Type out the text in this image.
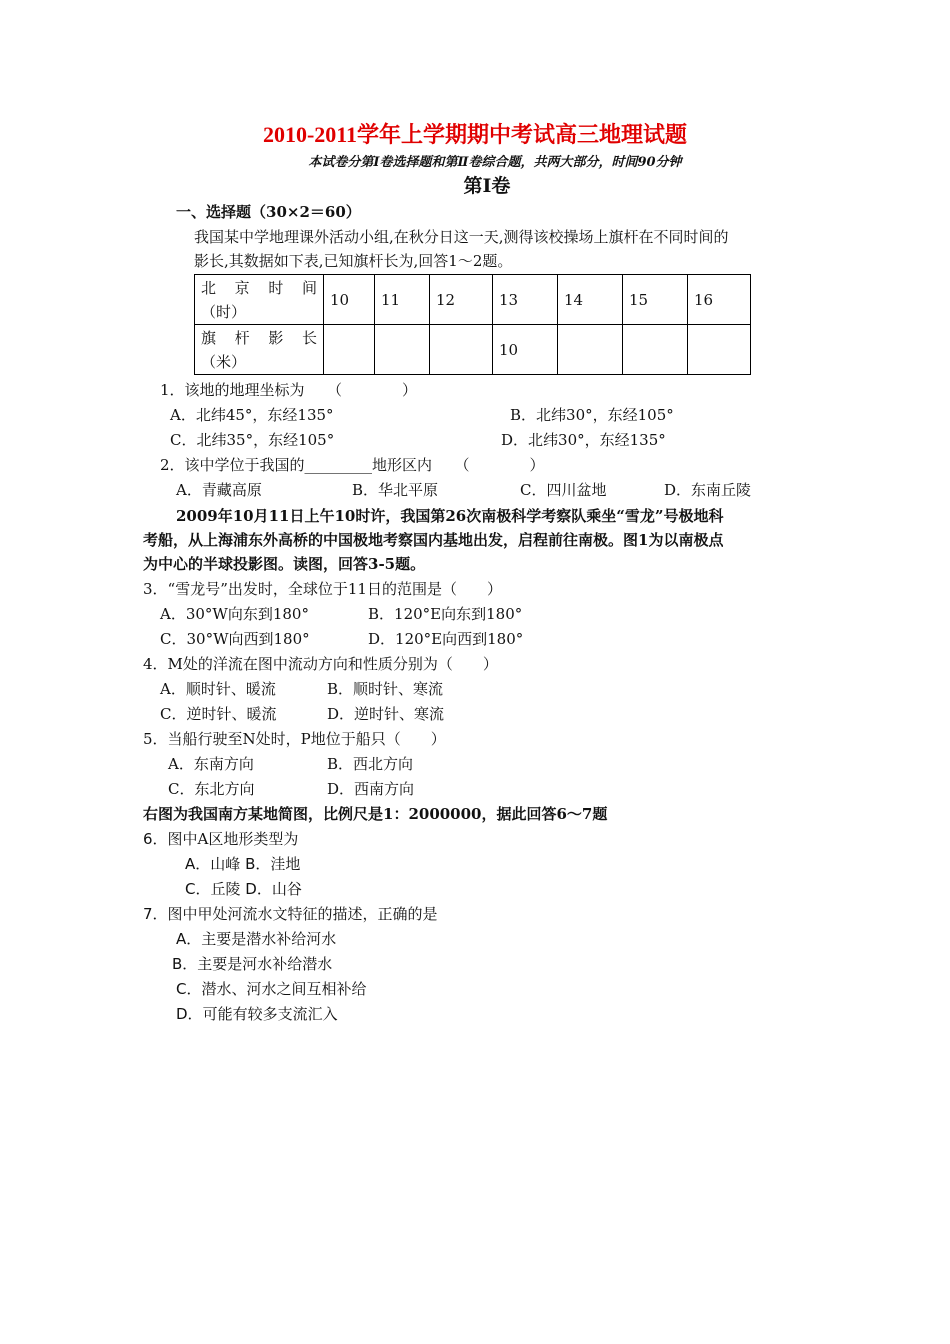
2010-2011学年上学期期中考试高三地理试题
本试卷分第Ⅰ卷选择题和第Ⅱ卷综合题，共两大部分，时间90分钟
第Ⅰ卷
一、选择题（30×2＝60）
我国某中学地理课外活动小组,在秋分日这一天,测得该校操场上旗杆在不同时间的
影长,其数据如下表,已知旗杆长为,回答1～2题。
北 京 时 间
（时）	10	11	12	13	14	15	16

旗 杆 影 长
（米）				10			
1．该地的地理坐标为　　（　　　　）
A．北纬45°，东经135°	B．北纬30°，东经105°
C．北纬35°，东经105°	D．北纬30°，东经135°
2．该中学位于我国的_________地形区内　　（　　　　）
A．青藏高原	B．华北平原	C．四川盆地	D．东南丘陵
2009年10月11日上午10时许，我国第26次南极科学考察队乘坐“雪龙”号极地科
考船，从上海浦东外高桥的中国极地考察国内基地出发，启程前往南极。图1为以南极点
为中心的半球投影图。读图，回答3-5题。
3．“雪龙号”出发时，全球位于11日的范围是（　　）
A．30°W向东到180°	B．120°E向东到180°
C．30°W向西到180°	D．120°E向西到180°
4．M处的洋流在图中流动方向和性质分别为（　　）
A．顺时针、暖流	B．顺时针、寒流
C．逆时针、暖流	D．逆时针、寒流
5．当船行驶至N处时，P地位于船只（　　）
A．东南方向	B．西北方向
C．东北方向	D．西南方向
右图为我国南方某地简图，比例尺是1：2000000，据此回答6～7题
6．图中A区地形类型为
A．山峰 B．洼地
C．丘陵 D．山谷
7．图中甲处河流水文特征的描述，正确的是
A．主要是潜水补给河水
B．主要是河水补给潜水
C．潜水、河水之间互相补给
D．可能有较多支流汇入
